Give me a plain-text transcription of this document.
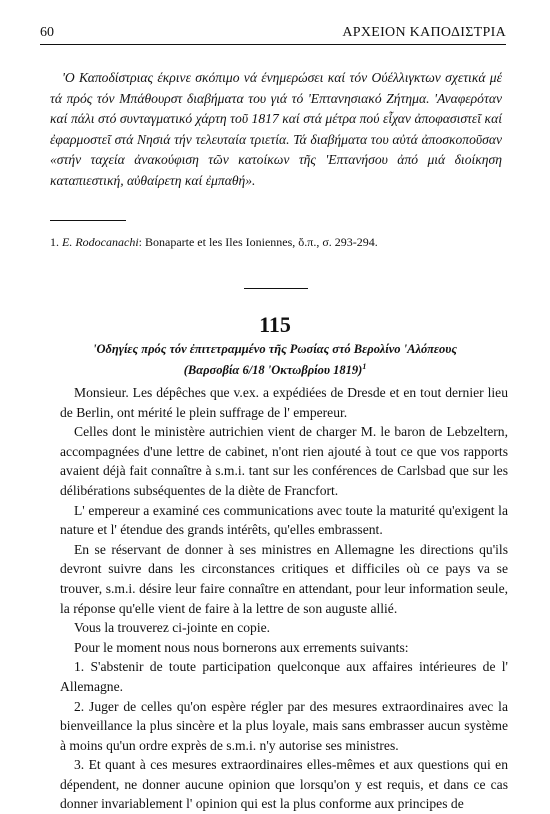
60	ΑΡΧΕΙΟΝ ΚΑΠΟΔΙΣΤΡΙΑ

'Ο Καποδίστριας έκρινε σκόπιμο νά ένημερώσει καί τόν Ούέλλιγκτων σχετικά μέ τά πρός τόν Μπάθουρστ διαβήματα του γιά τό 'Επτανησιακό Ζήτημα. 'Αναφερόταν καί πάλι στό συνταγματικό χάρτη τοῦ 1817 καί στά μέτρα πού εἶχαν ἀποφασιστεῖ καί ἐφαρμοστεῖ στά Νησιά τήν τελευταία τριετία. Τά διαβήματα του αὐτά ἀποσκοποῦσαν «στήν ταχεία ἀνακούφιση τῶν κατοίκων τῆς 'Επτανήσου ἀπό μιά διοίκηση καταπιεστική, αὐθαίρετη καί ἐμπαθή».

1. E. Rodocanachi: Bonaparte et les Iles Ioniennes, ὅ.π., σ. 293-294.

115

'Οδηγίες πρός τόν ἐπιτετραμμένο τῆς Ρωσίας στό Βερολίνο 'Αλόπεους
(Βαρσοβία 6/18 'Οκτωβρίου 1819)$^1$

Monsieur. Les dépêches que v.ex. a expédiées de Dresde et en tout dernier lieu de Berlin, ont mérité le plein suffrage de l' empereur.

Celles dont le ministère autrichien vient de charger M. le baron de Lebzeltern, accompagnées d'une lettre de cabinet, n'ont rien ajouté à tout ce que vos rapports avaient déjà fait connaître à s.m.i. tant sur les conférences de Carlsbad que sur les délibérations subséquentes de la diète de Francfort.

L' empereur a examiné ces communications avec toute la maturité qu'exigent la nature et l' étendue des grands intérêts, qu'elles embrassent.

En se réservant de donner à ses ministres en Allemagne les directions qu'ils devront suivre dans les circonstances critiques et difficiles où ce pays va se trouver, s.m.i. désire leur faire connaître en attendant, pour leur information seule, la réponse qu'elle vient de faire à la lettre de son auguste allié.

Vous la trouverez ci-jointe en copie.

Pour le moment nous nous bornerons aux errements suivants:

1. S'abstenir de toute participation quelconque aux affaires intérieures de l' Allemagne.

2. Juger de celles qu'on espère régler par des mesures extraordinaires avec la bienveillance la plus sincère et la plus loyale, mais sans embrasser aucun système à moins qu'un ordre exprès de s.m.i. n'y autorise ses ministres.

3. Et quant à ces mesures extraordinaires elles-mêmes et aux questions qui en dépendent, ne donner aucune opinion que lorsqu'on y est requis, et dans ce cas donner invariablement l' opinion qui est la plus conforme aux principes de
